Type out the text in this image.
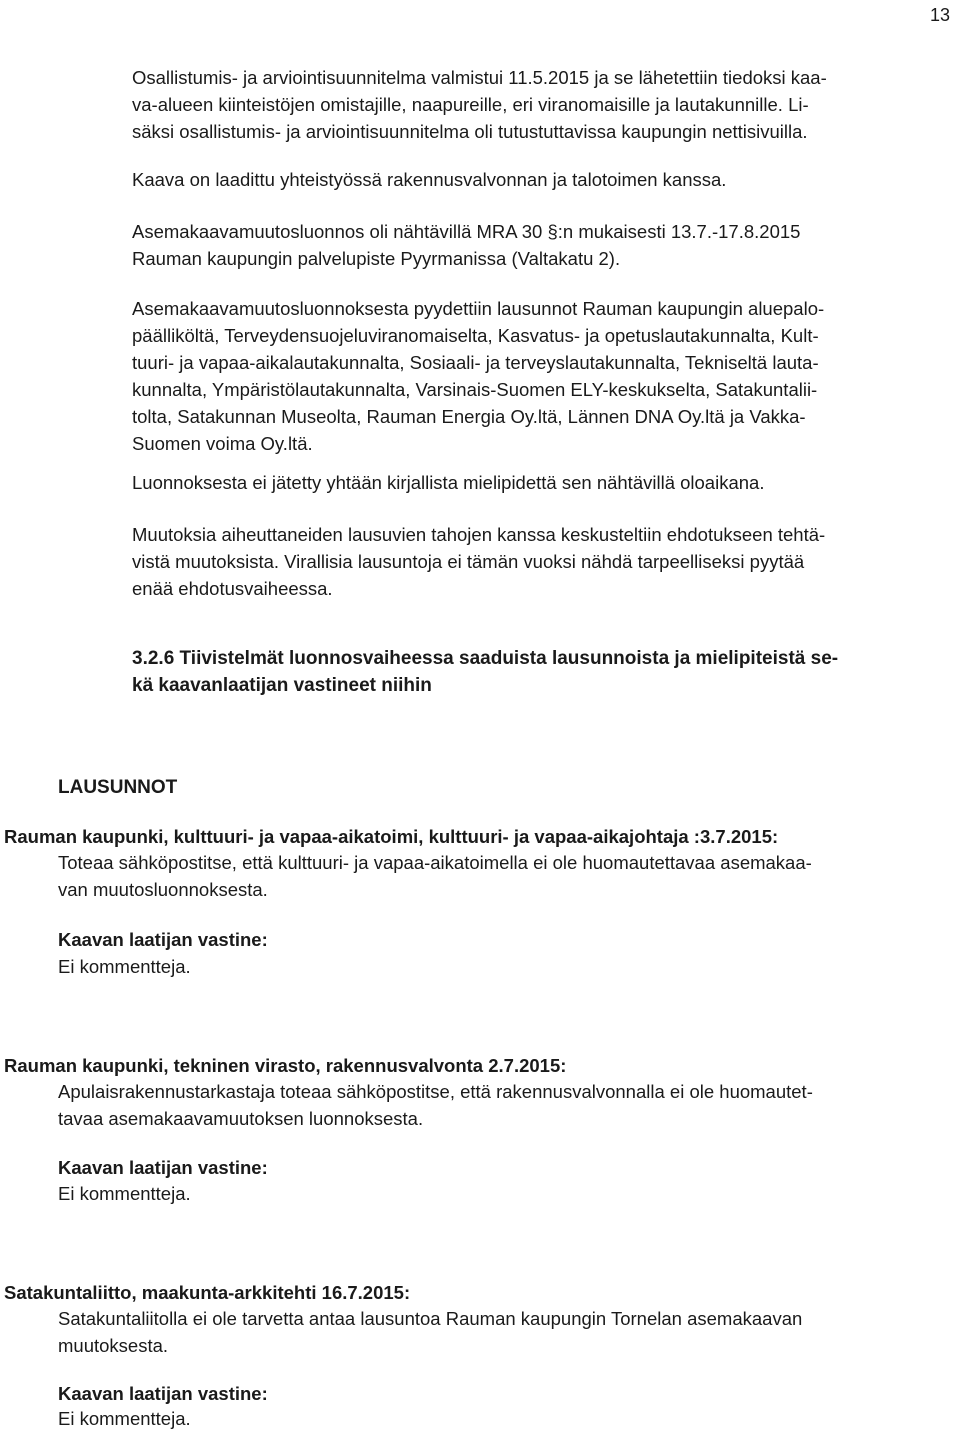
13
Osallistumis- ja arviointisuunnitelma valmistui 11.5.2015 ja se lähetettiin tiedoksi kaa-
va-alueen kiinteistöjen omistajille, naapureille, eri viranomaisille ja lautakunnille. Li-
säksi osallistumis- ja arviointisuunnitelma oli tutustuttavissa kaupungin nettisivuilla.
Kaava on laadittu yhteistyössä rakennusvalvonnan ja talotoimen kanssa.
Asemakaavamuutosluonnos oli nähtävillä MRA 30 §:n mukaisesti 13.7.-17.8.2015
Rauman kaupungin palvelupiste Pyyrmanissa (Valtakatu 2).
Asemakaavamuutosluonnoksesta pyydettiin lausunnot Rauman kaupungin aluepalo-
päälliköltä, Terveydensuojeluviranomaiselta, Kasvatus- ja opetuslautakunnalta, Kult-
tuuri- ja vapaa-aikalautakunnalta, Sosiaali- ja terveyslautakunnalta, Tekniseltä lauta-
kunnalta, Ympäristölautakunnalta, Varsinais-Suomen ELY-keskukselta, Satakuntalii-
tolta, Satakunnan Museolta, Rauman Energia Oy.ltä, Lännen DNA Oy.ltä ja Vakka-
Suomen voima Oy.ltä.
Luonnoksesta ei jätetty yhtään kirjallista mielipidettä sen nähtävillä oloaikana.
Muutoksia aiheuttaneiden lausuvien tahojen kanssa keskusteltiin ehdotukseen tehtä-
vistä muutoksista. Virallisia lausuntoja ei tämän vuoksi nähdä tarpeelliseksi pyytää
enää ehdotusvaiheessa.
3.2.6 Tiivistelmät luonnosvaiheessa saaduista lausunnoista ja mielipiteistä se-
kä kaavanlaatijan vastineet niihin
LAUSUNNOT
Rauman kaupunki, kulttuuri- ja vapaa-aikatoimi, kulttuuri- ja vapaa-aikajohtaja :3.7.2015:
Toteaa sähköpostitse, että kulttuuri- ja vapaa-aikatoimella ei ole huomautettavaa asemakaa-
van muutosluonnoksesta.
Kaavan laatijan vastine:
Ei kommentteja.
Rauman kaupunki, tekninen virasto, rakennusvalvonta 2.7.2015:
Apulaisrakennustarkastaja toteaa sähköpostitse, että rakennusvalvonnalla ei ole huomautet-
tavaa asemakaavamuutoksen luonnoksesta.
Kaavan laatijan vastine:
Ei kommentteja.
Satakuntaliitto, maakunta-arkkitehti 16.7.2015:
Satakuntaliitolla ei ole tarvetta antaa lausuntoa Rauman kaupungin Tornelan asemakaavan
muutoksesta.
Kaavan laatijan vastine:
Ei kommentteja.
